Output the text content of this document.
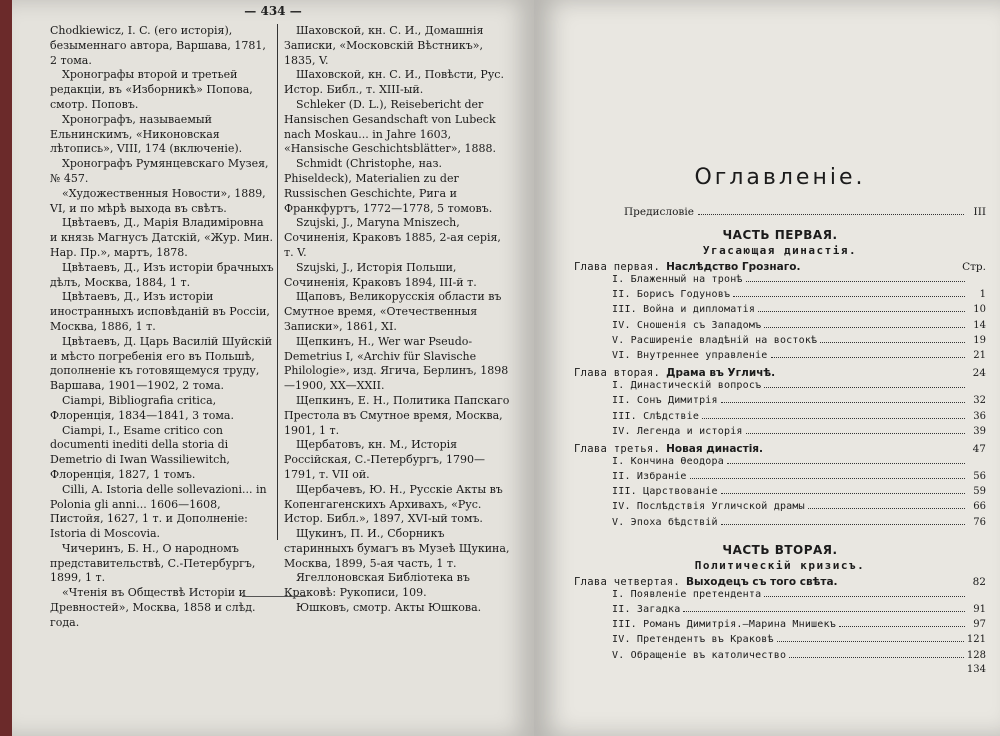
— 434 —
Chodkiewicz, I. C. (его исторія), безыменнаго автора, Варшава, 1781, 2 тома.
Хронографы второй и третьей редакціи, въ «Изборникѣ» Попова, смотр. Поповъ.
Хронографъ, называемый Ельнинскимъ, «Никоновская лѣтопись», VIII, 174 (включеніе).
Хронографъ Румянцевскаго Музея, № 457.
«Художественныя Новости», 1889, VI, и по мѣрѣ выхода въ свѣтъ.
Цвѣтаевъ, Д., Марія Владиміровна и князь Магнусъ Датскій, «Жур. Мин. Нар. Пр.», мартъ, 1878.
Цвѣтаевъ, Д., Изъ исторіи брачныхъ дѣлъ, Москва, 1884, 1 т.
Цвѣтаевъ, Д., Изъ исторіи иностранныхъ исповѣданій въ Россіи, Москва, 1886, 1 т.
Цвѣтаевъ, Д. Царь Василій Шуйскій и мѣсто погребенія его въ Польшѣ, дополненіе къ готовящемуся труду, Варшава, 1901—1902, 2 тома.
Ciampi, Bibliografia critica, Флоренція, 1834—1841, 3 тома.
Ciampi, I., Esame critico con documenti inediti della storia di Demetrio di Iwan Wassiliewitch, Флоренція, 1827, 1 томъ.
Cilli, A. Istoria delle sollevazioni... in Polonia gli anni... 1606—1608, Пистойя, 1627, 1 т. и Дополненіе: Istoria di Moscovia.
Чичеринъ, Б. Н., О народномъ представительствѣ, С.-Петербургъ, 1899, 1 т.
«Чтенія въ Обществѣ Исторіи и Древностей», Москва, 1858 и слѣд. года.
Шаховской, кн. С. И., Домашнія Записки, «Московскій Вѣстникъ», 1835, V.
Шаховской, кн. С. И., Повѣсти, Рус. Истор. Библ., т. XIII-ый.
Schleker (D. L.), Reisebericht der Hansischen Gesandschaft von Lubeck nach Moskau... in Jahre 1603, «Hansische Geschichtsblätter», 1888.
Schmidt (Christophe, наз. Phiseldeck), Materialien zu der Russischen Geschichte, Рига и Франкфуртъ, 1772—1778, 5 томовъ.
Szujski, J., Maryna Mniszech, Сочиненія, Краковъ 1885, 2-ая серія, т. V.
Szujski, J., Исторія Польши, Сочиненія, Краковъ 1894, III-й т.
Щаповъ, Великорусскія области въ Смутное время, «Отечественныя Записки», 1861, XI.
Щепкинъ, Н., Wer war Pseudo-Demetrius I, «Archiv für Slavische Philologie», изд. Ягича, Берлинъ, 1898—1900, XX—XXII.
Щепкинъ, Е. Н., Политика Папскаго Престола въ Смутное время, Москва, 1901, 1 т.
Щербатовъ, кн. М., Исторія Россійская, С.-Петербургъ, 1790—1791, т. VII ой.
Щербачевъ, Ю. Н., Русскіе Акты въ Копенгагенскихъ Архивахъ, «Рус. Истор. Библ.», 1897, XVI-ый томъ.
Щукинъ, П. И., Сборникъ старинныхъ бумагъ въ Музеѣ Щукина, Москва, 1899, 5-ая часть, 1 т.
Ягеллоновская Библіотека въ Краковѣ: Рукописи, 109.
Юшковъ, смотр. Акты Юшкова.
Оглавленіе.
Предисловіе	III
ЧАСТЬ ПЕРВАЯ.
Угасающая династія.
Глава первая. Наслѣдство Грознаго.	Стр.
I. Блаженный на тронѣ
II. Борисъ Годуновъ	1
III. Война и дипломатія	10
IV. Сношенія съ Западомъ	14
V. Расширеніе владѣній на востокѣ	19
VI. Внутреннее управленіе	21
Глава вторая. Драма въ Угличѣ.	24
I. Династическій вопросъ
II. Сонъ Димитрія	32
III. Слѣдствіе	36
IV. Легенда и исторія	39
Глава третья. Новая династія.	47
I. Кончина Өеодора
II. Избраніе	56
III. Царствованіе	59
IV. Послѣдствія Угличской драмы	66
V. Эпоха бѣдствій	76
ЧАСТЬ ВТОРАЯ.
Политическій кризисъ.
Глава четвертая. Выходецъ съ того свѣта.	82
I. Появленіе претендента
II. Загадка	91
III. Романъ Димитрія.—Марина Мнишекъ	97
IV. Претендентъ въ Краковѣ	121
V. Обращеніе въ католичество	128
134
